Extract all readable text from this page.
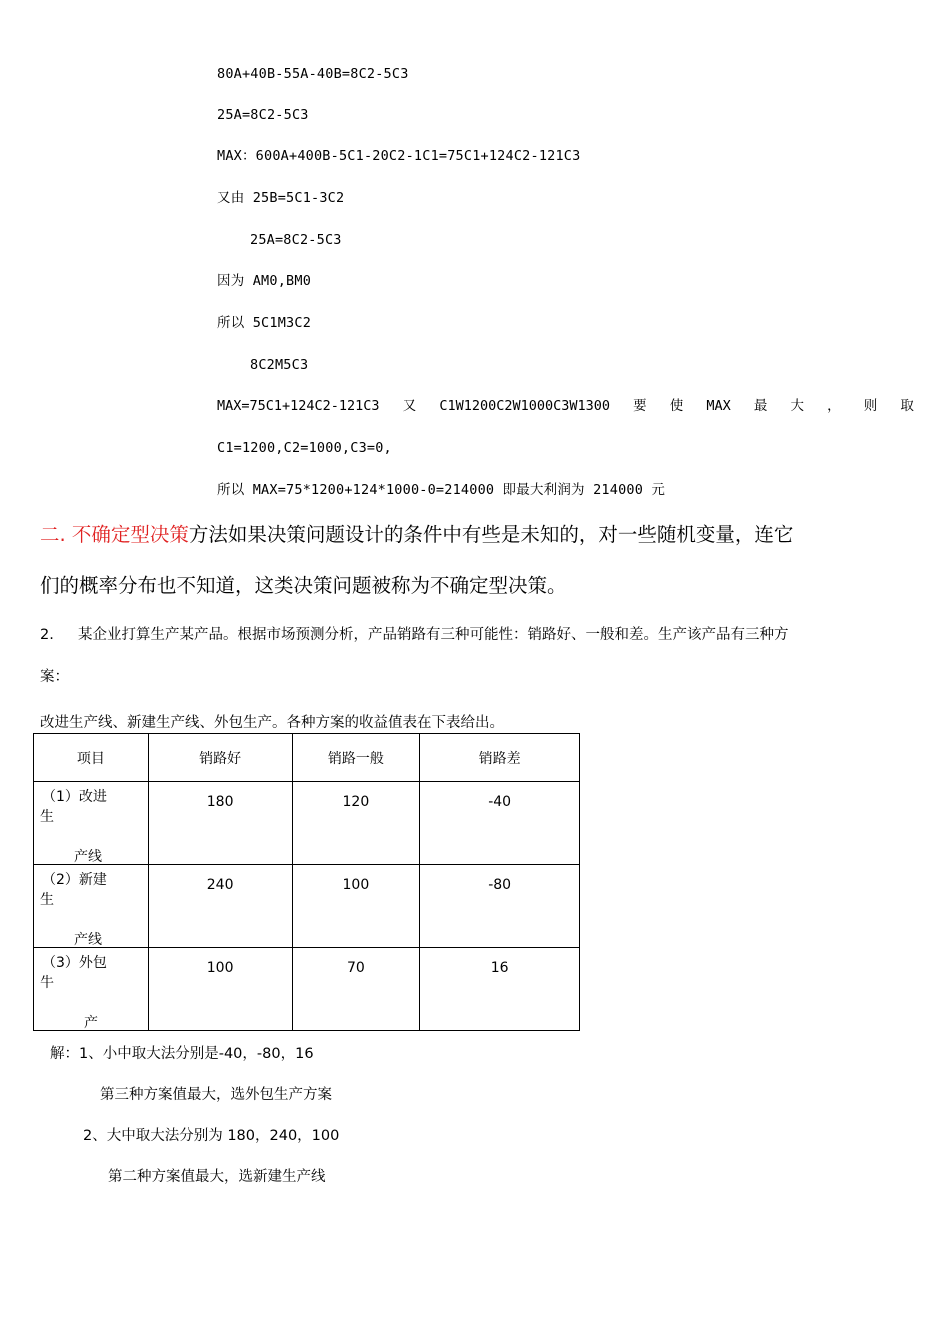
80A+40B-55A-40B=8C2-5C3
25A=8C2-5C3
MAX：600A+400B-5C1-20C2-1C1=75C1+124C2-121C3
又由 25B=5C1-3C2
25A=8C2-5C3
因为 AM0,BM0
所以 5C1M3C2
8C2M5C3
MAX=75C1+124C2-121C3 又 C1W1200C2W1000C3W1300 要 使 MAX 最 大 ， 则 取
C1=1200,C2=1000,C3=0,
所以 MAX=75*1200+124*1000-0=214000 即最大利润为 214000 元
二. 不确定型决策方法如果决策问题设计的条件中有些是未知的，对一些随机变量，连它
们的概率分布也不知道，这类决策问题被称为不确定型决策。
2. 某企业打算生产某产品。根据市场预测分析，产品销路有三种可能性：销路好、一般和差。生产该产品有三种方
案：
改进生产线、新建生产线、外包生产。各种方案的收益值表在下表给出。
项目	销路好	销路一般	销路差

（1）改进
生
产线	180	120	-40

（2）新建
生
产线	240	100	-80

（3）外包
牛
产	100	70	16
解：1、小中取大法分别是-40，-80，16
第三种方案值最大，选外包生产方案
2、大中取大法分别为 180，240，100
第二种方案值最大，选新建生产线
